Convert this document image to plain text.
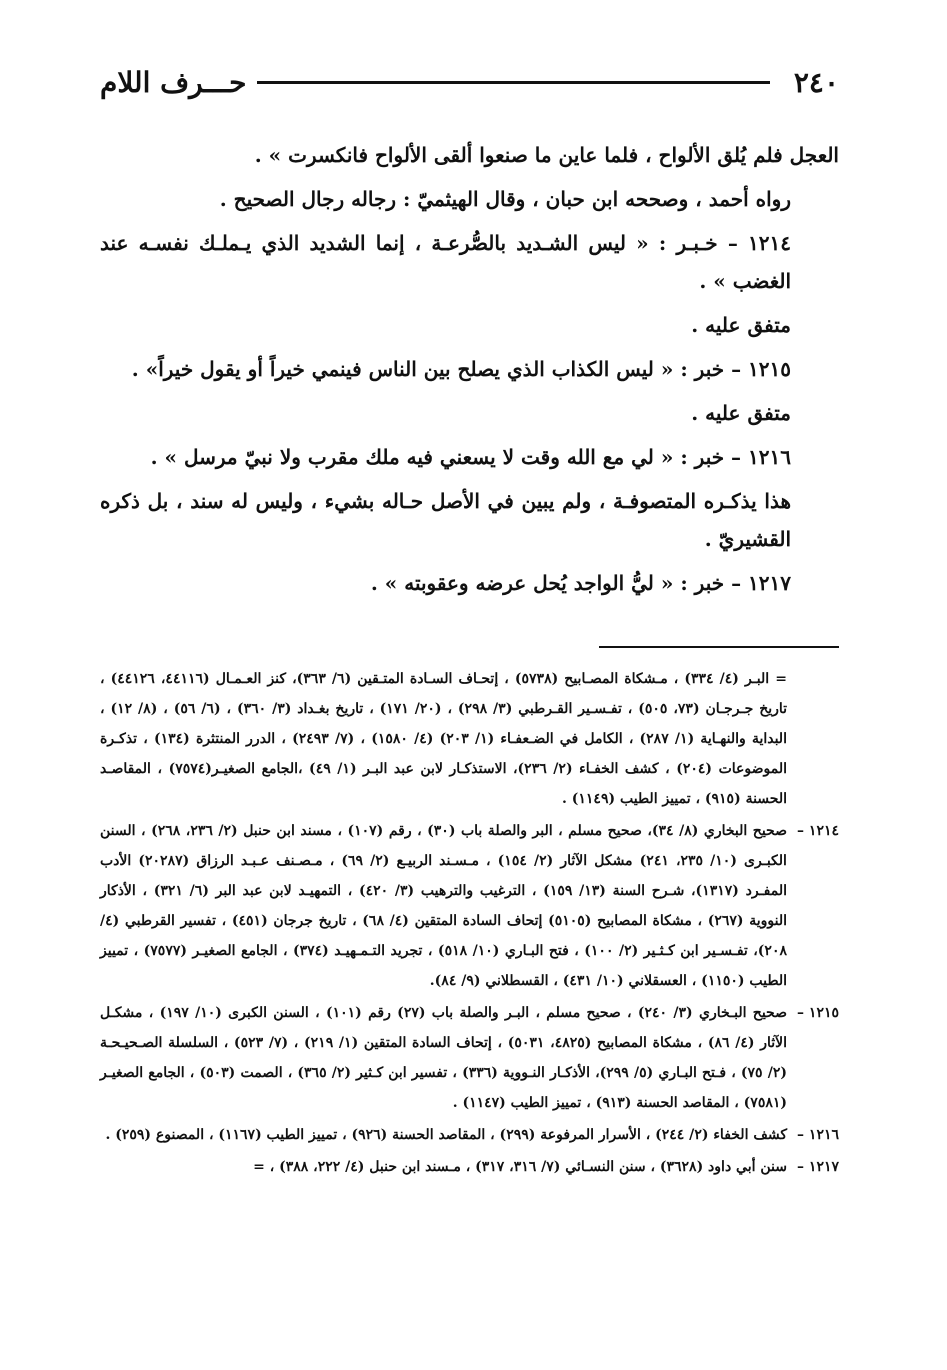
٢٤٠
حـــرف اللام

العجل فلم يُلق الألواح ، فلما عاين ما صنعوا ألقى الألواح فانكسرت » .

رواه أحمد ، وصححه ابن حبان ، وقال الهيثميّ : رجاله رجال الصحيح .

١٢١٤ – خـبـر : « ليس الشـديد بالصُّرعـة ، إنما الشديد الذي يـملـك نفسـه عند الغضب » .

متفق عليه .

١٢١٥ – خبر : « ليس الكذاب الذي يصلح بين الناس فينمي خيراً أو يقول خيراً» .

متفق عليه .

١٢١٦ – خبر : « لي مع الله وقت لا يسعني فيه ملك مقرب ولا نبيّ مرسل » .

هذا يذكـره المتصوفـة ، ولم يبين في الأصل حـاله بشيء ، وليس له سند ، بل ذكره القشيريّ .

١٢١٧ – خبر : « ليُّ الواجد يُحل عرضه وعقوبته » .

= البـر (٤/ ٣٣٤) ، مـشكاة المصـابيح (٥٧٣٨) ، إتحـاف السـادة المتـقين (٦/ ٣٦٣)، كنز العـمـال (٤٤١١٦، ٤٤١٢٦) ، تاريخ جـرجـان (٧٣، ٥٠٥) ، تفـسـير القـرطبي (٣/ ٢٩٨) ، (٢٠/ ١٧١) ، تاريخ بغـداد (٣/ ٣٦٠) ، (٦/ ٥٦) ، (٨/ ١٢) ، البداية والنهـاية (١/ ٢٨٧) ، الكامل في الضـعفـاء (١/ ٢٠٣) (٤/ ١٥٨٠) ، (٧/ ٢٤٩٣) ، الدرر المنتثرة (١٣٤) ، تذكـرة الموضوعات (٢٠٤) ، كشف الخفـاء (٢/ ٢٣٦)، الاستذكـار لابن عبد البـر (١/ ٤٩) ،الجامع الصغيـر(٧٥٧٤) ، المقاصـد الحسنة (٩١٥) ، تمييز الطيب (١١٤٩) .
١٢١٤ –
صحيح البخاري (٨/ ٣٤)، صحيح مسلم ، البر والصلة باب (٣٠) ، رقم (١٠٧) ، مسند ابن حنبل (٢/ ٢٣٦، ٢٦٨) ، السنن الكبـرى (١٠/ ٢٣٥، ٢٤١) مشكل الآثار (٢/ ١٥٤) ، مـسـند الربيـع (٢/ ٦٩) ، مـصـنف عـبـد الرزاق (٢٠٢٨٧) الأدب المفـرد (١٣١٧)، شـرح السنة (١٣/ ١٥٩) ، الترغيب والترهيب (٣/ ٤٢٠) ، التمهيـد لابن عبد البر (٦/ ٣٢١) ، الأذكار النووية (٢٦٧) ، مشكاة المصابيح (٥١٠٥) إتحاف السادة المتقين (٤/ ٦٨) ، تاريخ جرجان (٤٥١) ، تفسير القرطبي (٤/ ٢٠٨)، تفـسـير ابن كـثـير (٢/ ١٠٠) ، فتح البـاري (١٠/ ٥١٨) ، تجريد التـمـهيـد (٣٧٤) ، الجامع الصغيـر (٧٥٧٧) ، تمييز الطيب (١١٥٠) ، العسقلاني (١٠/ ٤٣١) ، القسطلاني (٩/ ٨٤).
١٢١٥ –
صحيح البـخاري (٣/ ٢٤٠) ، صحيح مسلم ، البـر والصلة باب (٢٧) رقم (١٠١) ، السنن الكبرى (١٠/ ١٩٧) ، مشكـل الآثار (٤/ ٨٦) ، مشكاة المصابيح (٤٨٢٥، ٥٠٣١) ، إتحاف السادة المتقين (١/ ٢١٩) ، (٧/ ٥٢٣) ، السلسلة الصـحيـحـة (٢/ ٧٥) ، فـتح البـاري (٥/ ٢٩٩)، الأذكـار النـووية (٣٣٦) ، تفسير ابن كـثير (٢/ ٣٦٥) ، الصمت (٥٠٣) ، الجامع الصغيـر (٧٥٨١) ، المقاصد الحسنة (٩١٣) ، تمييز الطيب (١١٤٧) .
١٢١٦ –
كشف الخفاء (٢/ ٢٤٤) ، الأسرار المرفوعة (٢٩٩) ، المقاصد الحسنة (٩٢٦) ، تمييز الطيب (١١٦٧) ، المصنوع (٢٥٩) .
١٢١٧ –
سنن أبي داود (٣٦٢٨) ، سنن النسـائي (٧/ ٣١٦، ٣١٧) ، مـسند ابن حنبل (٤/ ٢٢٢، ٣٨٨) ، =
